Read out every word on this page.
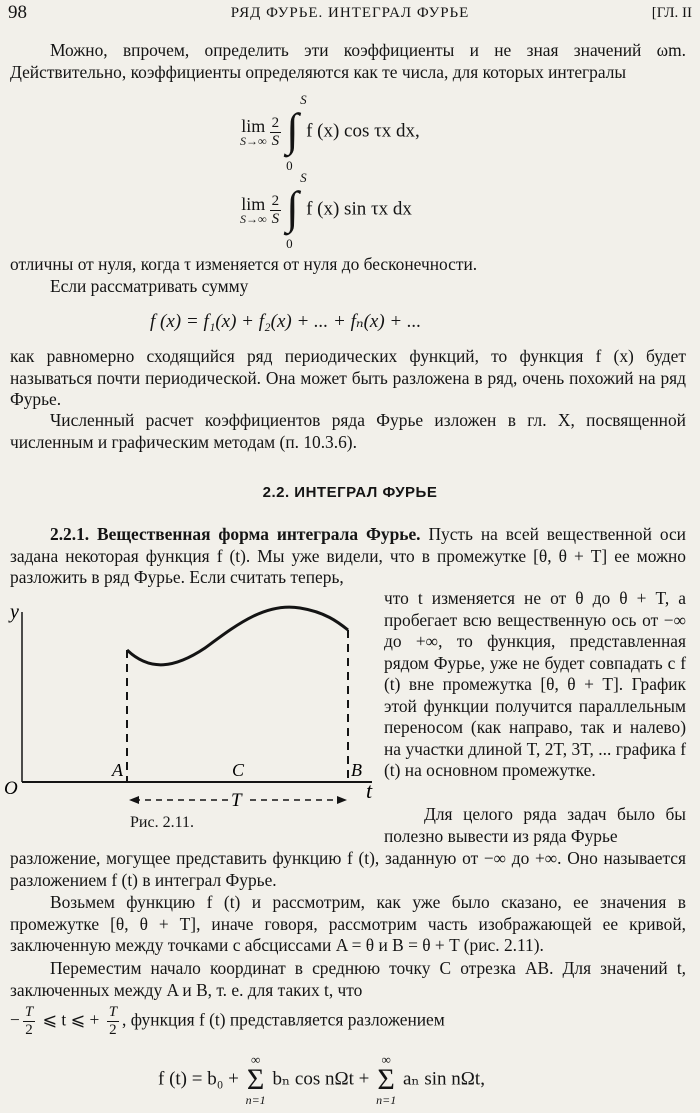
98	РЯД ФУРЬЕ. ИНТЕГРАЛ ФУРЬЕ	[ГЛ. II

Можно, впрочем, определить эти коэффициенты и не зная значений ωm. Действительно, коэффициенты определяются как те числа, для которых интегралы

lim
$S\to\infty \frac{2}{S}$ ∫
S
0
f (x) cos τx dx,
lim
$S\to\infty \frac{2}{S}$ ∫
S
0
f (x) sin τx dx

отличны от нуля, когда τ изменяется от нуля до бесконечности.

Если рассматривать сумму

f (x) = f₁(x) + f₂(x) + ... + fₙ(x) + ...

как равномерно сходящийся ряд периодических функций, то функция f (x) будет называться почти периодической. Она может быть разложена в ряд, очень похожий на ряд Фурье.

Численный расчет коэффициентов ряда Фурье изложен в гл. X, посвященной численным и графическим методам (п. 10.3.6).

2.2. ИНТЕГРАЛ ФУРЬЕ

2.2.1. Вещественная форма интеграла Фурье. Пусть на всей вещественной оси задана некоторая функция f (t). Мы уже видели, что в промежутке [θ, θ + T] ее можно разложить в ряд Фурье. Если считать теперь,

что t изменяется не от θ до θ + T, а пробегает всю вещественную ось от −∞ до +∞, то функция, представленная рядом Фурье, уже не будет совпадать с f (t) вне промежутка [θ, θ + T]. График этой функции получится параллельным переносом (как направо, так и налево) на участки длиной T, 2T, 3T, ... графика f (t) на основном промежутке.

Для целого ряда задач было бы полезно вывести из ряда Фурье

разложение, могущее представить функцию f (t), заданную от −∞ до +∞. Оно называется разложением f (t) в интеграл Фурье.

y
O
A	C	B
t
T
Рис. 2.11.

Возьмем функцию f (t) и рассмотрим, как уже было сказано, ее значения в промежутке [θ, θ + T], иначе говоря, рассмотрим часть изображающей ее кривой, заключенную между точками с абсциссами A = θ и B = θ + T (рис. 2.11).

Переместим начало координат в среднюю точку C отрезка AB. Для значений t, заключенных между A и B, т. е. для таких t, что

− $\frac{T}{2}$ ⩽ t ⩽ + $\frac{T}{2}$ , функция f (t) представляется разложением
f (t) = b₀ +
∞
Σ
n=1
bₙ cos nΩt +
∞
Σ
n=1
aₙ sin nΩt,
